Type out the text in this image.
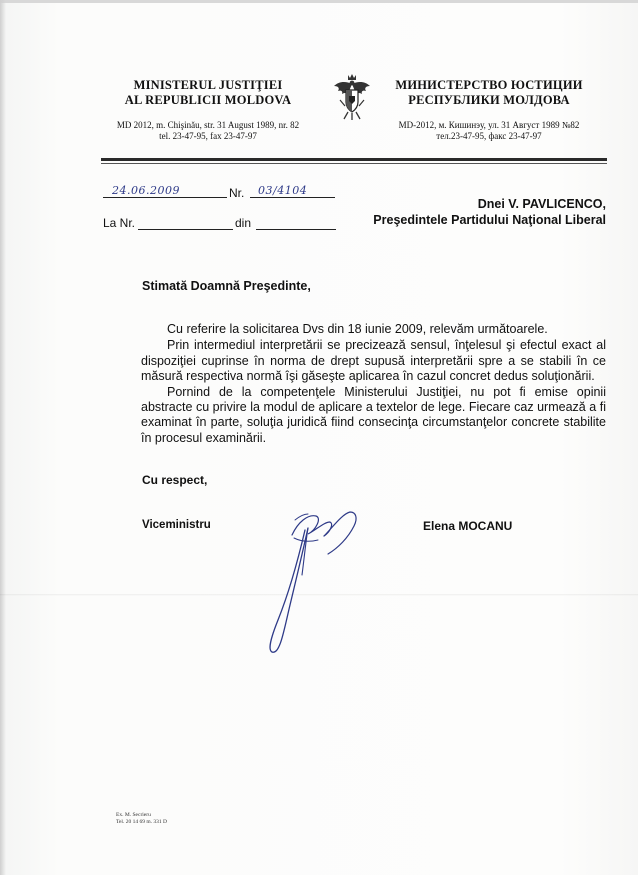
MINISTERUL JUSTIŢIEI
AL REPUBLICII MOLDOVA
MD 2012, m. Chişinău, str. 31 August 1989, nr. 82
tel. 23-47-95, fax 23-47-97
МИНИСТЕРСТВО ЮСТИЦИИ
РЕСПУБЛИКИ МОЛДОВА
MD-2012, м. Кишинэу, ул. 31 Август 1989 №82
тел.23-47-95, факс 23-47-97
24.06.2009	Nr. 03/4104
La Nr.	din
Dnei V. PAVLICENCO,
Preşedintele Partidului Naţional Liberal
Stimată Doamnă Preşedinte,

Cu referire la solicitarea Dvs din 18 iunie 2009, relevăm următoarele.

Prin intermediul interpretării se precizează sensul, înţelesul şi efectul exact al dispoziţiei cuprinse în norma de drept supusă interpretării spre a se stabili în ce măsură respectiva normă îşi găseşte aplicarea în cazul concret dedus soluţionării.

Pornind de la competenţele Ministerului Justiţiei, nu pot fi emise opinii abstracte cu privire la modul de aplicare a textelor de lege. Fiecare caz urmează a fi examinat în parte, soluţia juridică fiind consecinţa circumstanţelor concrete stabilite în procesul examinării.

Cu respect,
Viceministru	Elena MOCANU
Ex. M. Secrieru
Tel. 20 14 69 m. 331 D
